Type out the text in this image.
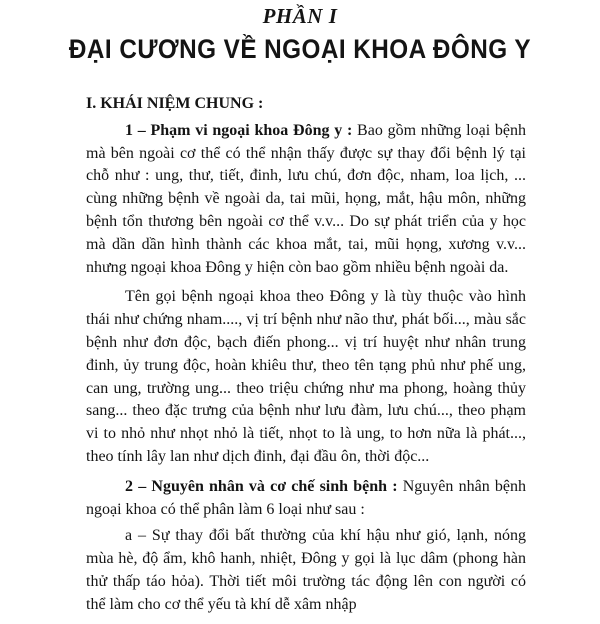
PHẦN I
ĐẠI CƯƠNG VỀ NGOẠI KHOA ĐÔNG Y
I. KHÁI NIỆM CHUNG :

1 – Phạm vi ngoại khoa Đông y : Bao gồm những loại bệnh mà bên ngoài cơ thể có thể nhận thấy được sự thay đổi bệnh lý tại chỗ như : ung, thư, tiết, đinh, lưu chú, đơn độc, nham, loa lịch, ... cùng những bệnh về ngoài da, tai mũi, họng, mắt, hậu môn, những bệnh tổn thương bên ngoài cơ thể v.v... Do sự phát triển của y học mà dần dần hình thành các khoa mắt, tai, mũi họng, xương v.v... nhưng ngoại khoa Đông y hiện còn bao gồm nhiều bệnh ngoài da.

Tên gọi bệnh ngoại khoa theo Đông y là tùy thuộc vào hình thái như chứng nham...., vị trí bệnh như não thư, phát bối..., màu sắc bệnh như đơn độc, bạch điến phong... vị trí huyệt như nhân trung đinh, ủy trung độc, hoàn khiêu thư, theo tên tạng phủ như phế ung, can ung, trường ung... theo triệu chứng như ma phong, hoàng thủy sang... theo đặc trưng của bệnh như lưu đàm, lưu chú..., theo phạm vi to nhỏ như nhọt nhỏ là tiết, nhọt to là ung, to hơn nữa là phát..., theo tính lây lan như dịch đinh, đại đầu ôn, thời độc...

2 – Nguyên nhân và cơ chế sinh bệnh : Nguyên nhân bệnh ngoại khoa có thể phân làm 6 loại như sau :

a – Sự thay đổi bất thường của khí hậu như gió, lạnh, nóng mùa hè, độ ẩm, khô hanh, nhiệt, Đông y gọi là lục dâm (phong hàn thử thấp táo hỏa). Thời tiết môi trường tác động lên con người có thể làm cho cơ thể yếu tà khí dễ xâm nhập
